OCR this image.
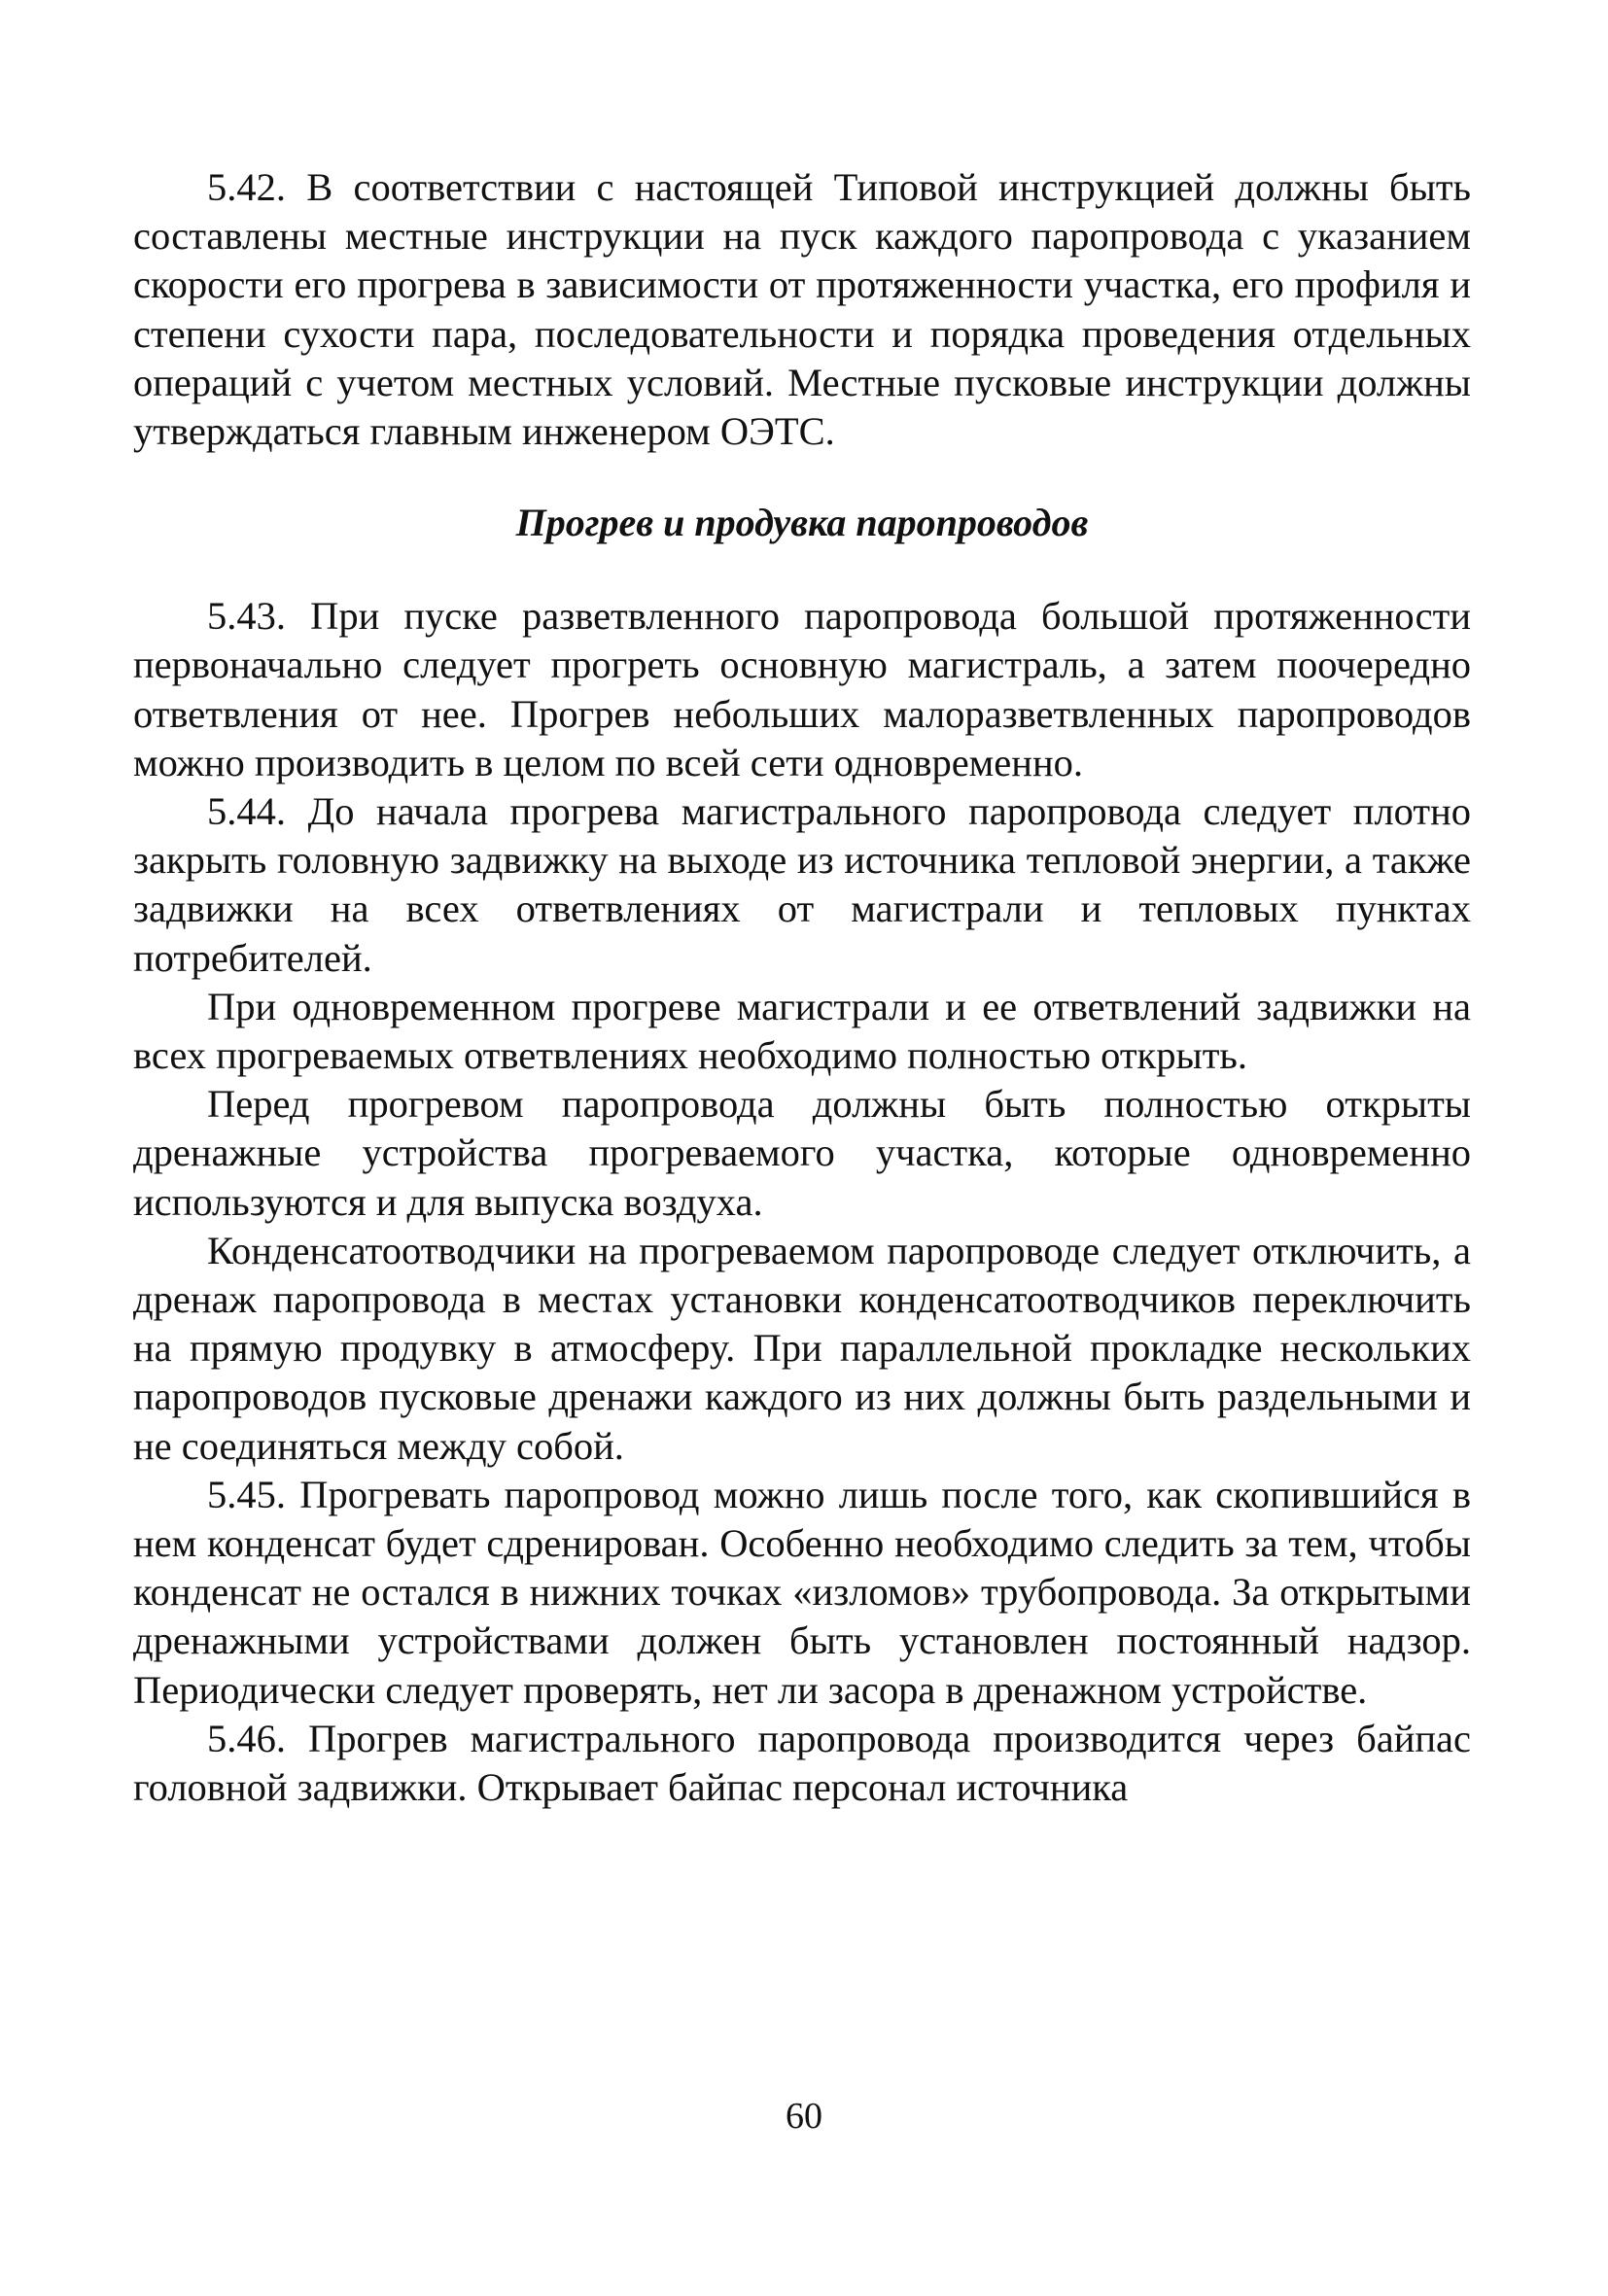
5.42. В соответствии с настоящей Типовой инструкцией должны быть составлены местные инструкции на пуск каждого паропровода с указанием скорости его прогрева в зависимости от протяженности участка, его профиля и степени сухости пара, последовательности и порядка проведения отдельных операций с учетом местных условий. Местные пусковые инструкции должны утверждаться главным инженером ОЭТС.

Прогрев и продувка паропроводов

5.43. При пуске разветвленного паропровода большой протяженности первоначально следует прогреть основную магистраль, а затем поочередно ответвления от нее. Прогрев небольших малоразветвленных паропроводов можно производить в целом по всей сети одновременно.

5.44. До начала прогрева магистрального паропровода следует плотно закрыть головную задвижку на выходе из источника тепловой энергии, а также задвижки на всех ответвлениях от магистрали и тепловых пунктах потребителей.

При одновременном прогреве магистрали и ее ответвлений задвижки на всех прогреваемых ответвлениях необходимо полностью открыть.

Перед прогревом паропровода должны быть полностью открыты дренажные устройства прогреваемого участка, которые одновременно используются и для выпуска воздуха.

Конденсатоотводчики на прогреваемом паропроводе следует отключить, а дренаж паропровода в местах установки конденсатоотводчиков переключить на прямую продувку в атмосферу. При параллельной прокладке нескольких паропроводов пусковые дренажи каждого из них должны быть раздельными и не соединяться между собой.

5.45. Прогревать паропровод можно лишь после того, как скопившийся в нем конденсат будет сдренирован. Особенно необходимо следить за тем, чтобы конденсат не остался в нижних точках «изломов» трубопровода. За открытыми дренажными устройствами должен быть установлен постоянный надзор. Периодически следует проверять, нет ли засора в дренажном устройстве.

5.46. Прогрев магистрального паропровода производится через байпас головной задвижки. Открывает байпас персонал источника

60
